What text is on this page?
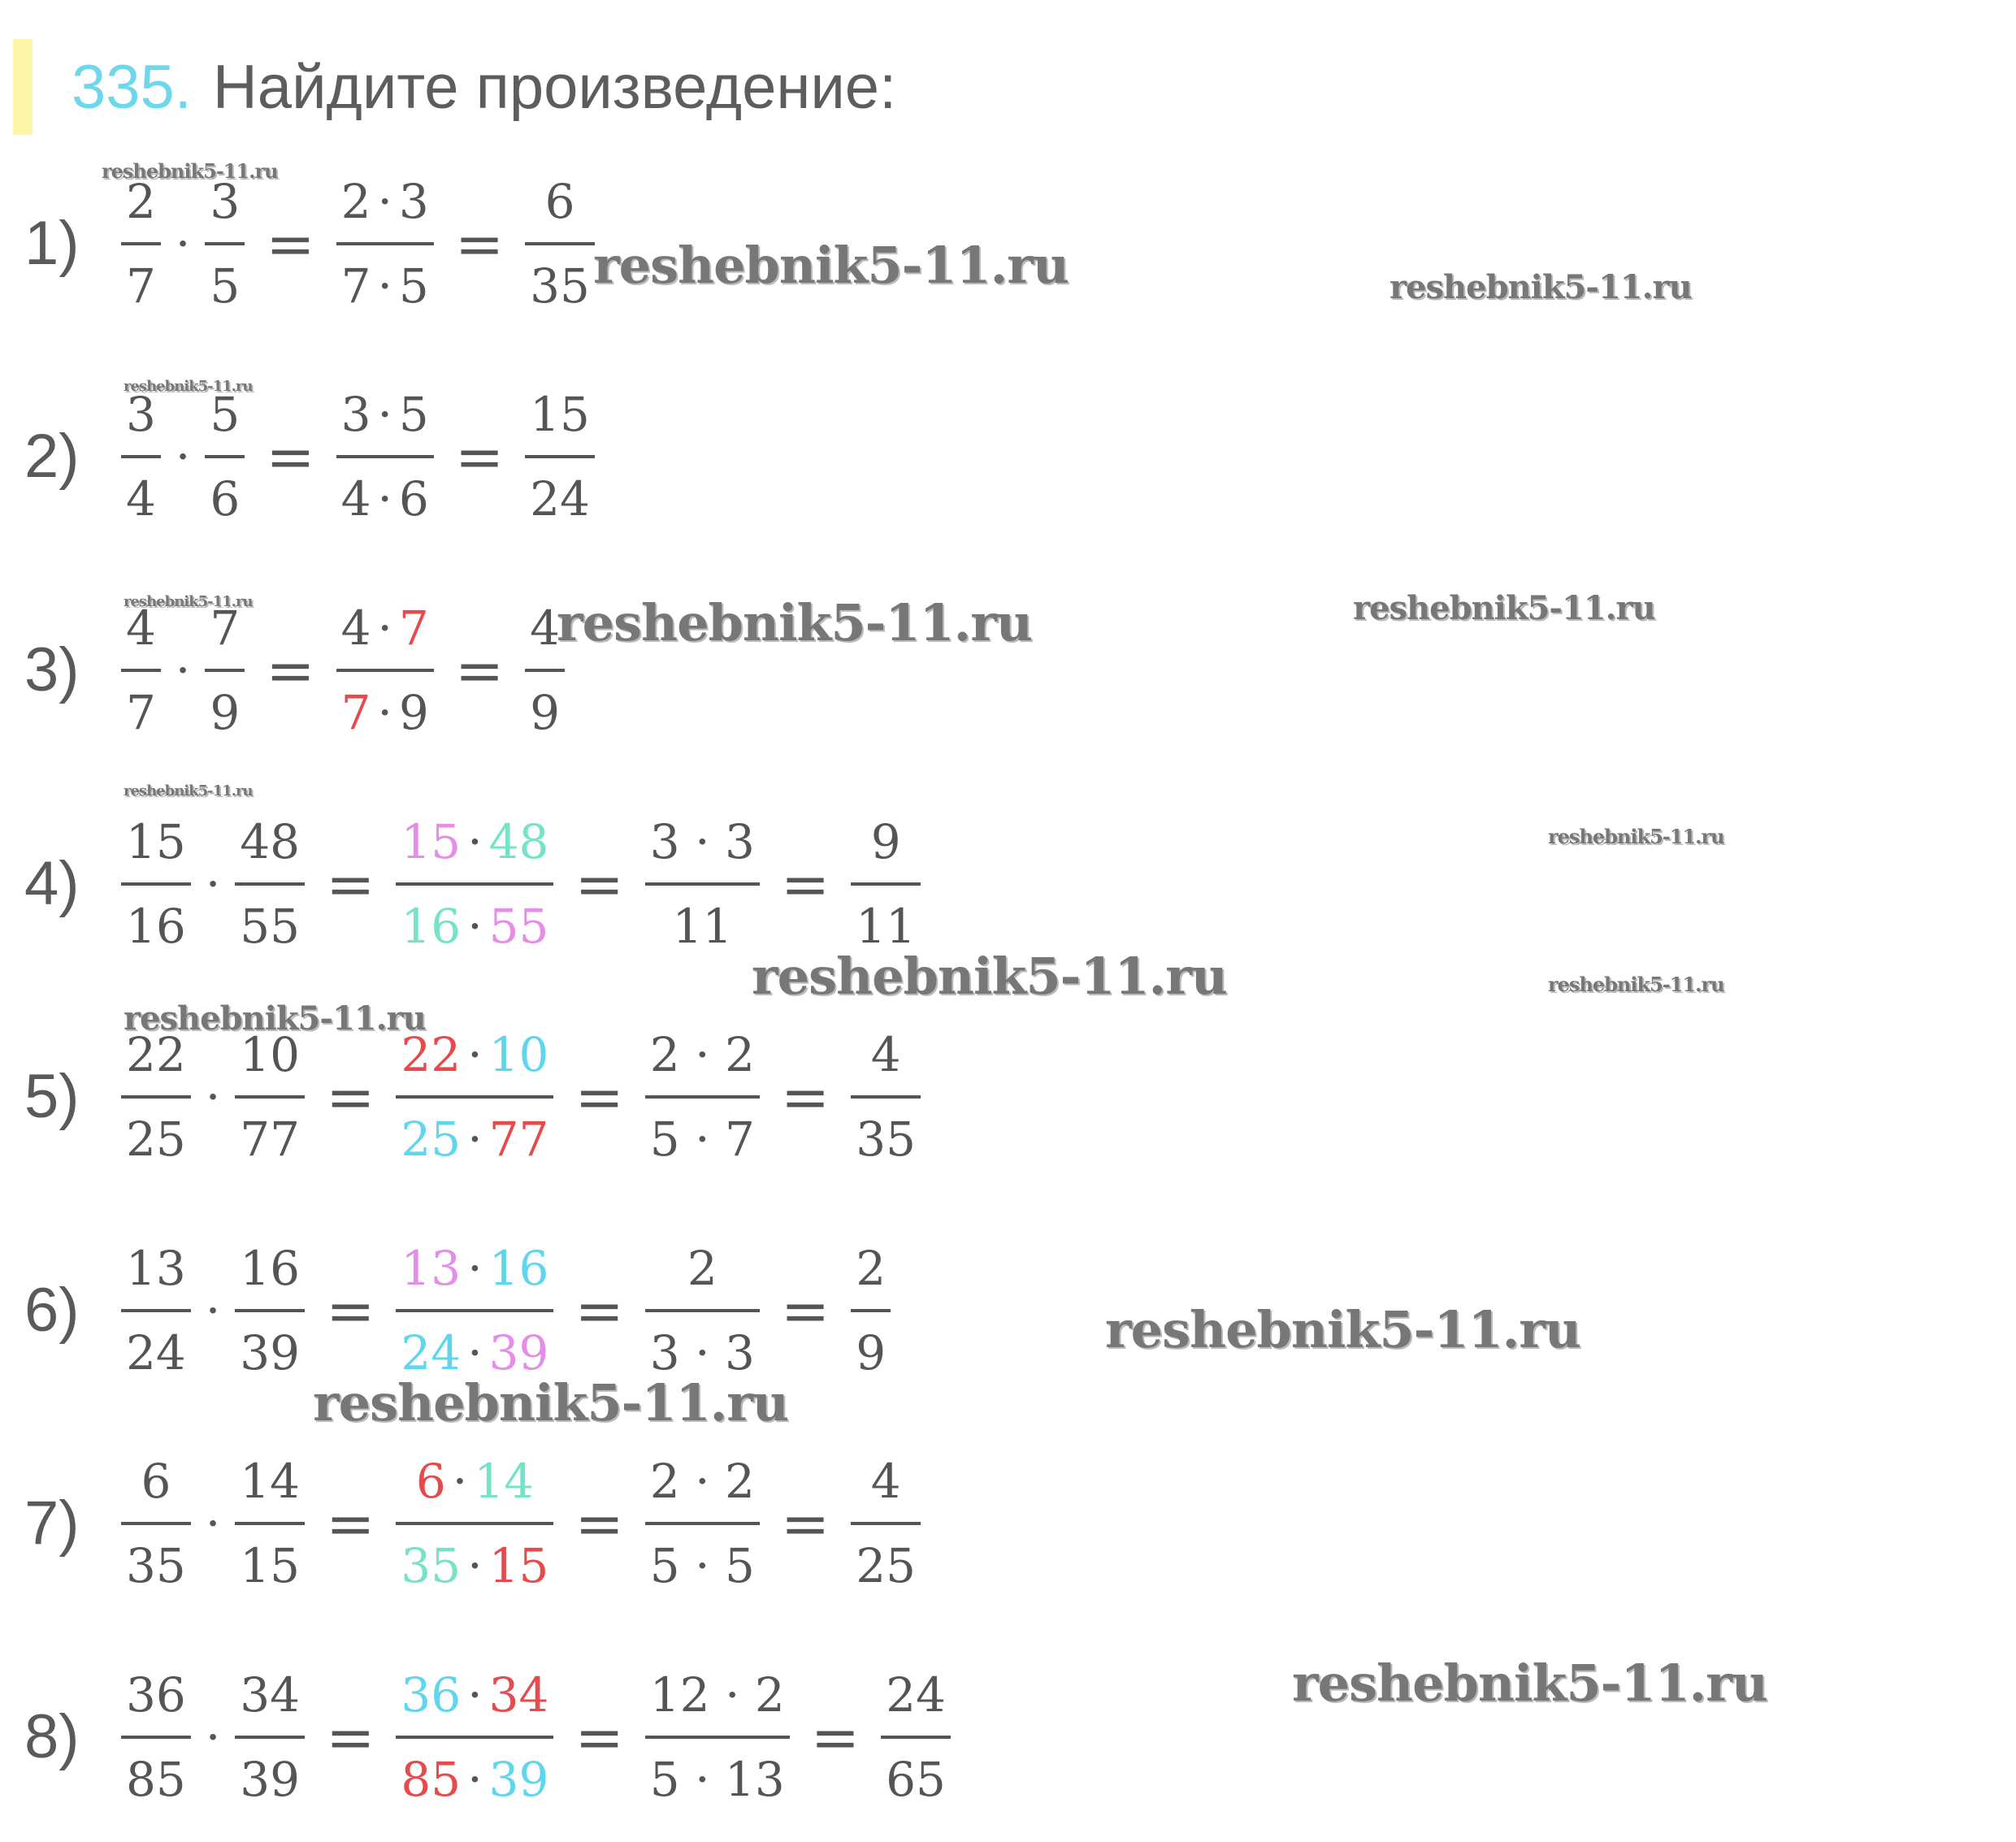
335. Найдите произведение:
$1) \frac{2}{7} \cdot \frac{3}{5} = \frac{2 \cdot 3}{7 \cdot 5} = \frac{6}{35}$
$2) \frac{3}{4} \cdot \frac{5}{6} = \frac{3 \cdot 5}{4 \cdot 6} = \frac{15}{24}$
$3) \frac{4}{7} \cdot \frac{7}{9} = \frac{4 \cdot 7}{7 \cdot 9} = \frac{4}{9}$
$4) \frac{15}{16} \cdot \frac{48}{55} = \frac{15 \cdot 48}{16 \cdot 55} = \frac{3 \cdot 3}{11} = \frac{9}{11}$
$5) \frac{22}{25} \cdot \frac{10}{77} = \frac{22 \cdot 10}{25 \cdot 77} = \frac{2 \cdot 2}{5 \cdot 7} = \frac{4}{35}$
$6) \frac{13}{24} \cdot \frac{16}{39} = \frac{13 \cdot 16}{24 \cdot 39} = \frac{2}{3 \cdot 3} = \frac{2}{9}$
$7) \frac{6}{35} \cdot \frac{14}{15} = \frac{6 \cdot 14}{35 \cdot 15} = \frac{2 \cdot 2}{5 \cdot 5} = \frac{4}{25}$
$8) \frac{36}{85} \cdot \frac{34}{39} = \frac{36 \cdot 34}{85 \cdot 39} = \frac{12 \cdot 2}{5 \cdot 13} = \frac{24}{65}$
reshebnik5-11.ru	reshebnik5-11.ru
reshebnik5-11.ru
reshebnik5-11.ru
reshebnik5-11.ru	reshebnik5-11.ru	reshebnik5-11.ru
reshebnik5-11.ru
reshebnik5-11.ru
reshebnik5-11.ru	reshebnik5-11.ru
reshebnik5-11.ru
reshebnik5-11.ru
reshebnik5-11.ru
reshebnik5-11.ru
